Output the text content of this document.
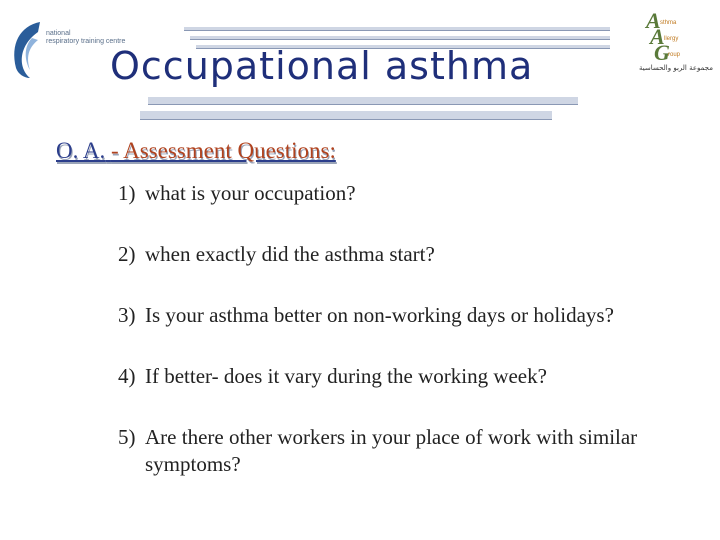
national
respiratory training centre
Occupational asthma
A sthma
A llergy
G
roup
مجموعة الربو والحساسية
O. A. - Assessment Questions:
1) what is your occupation?
2) when exactly did the asthma start?
3) Is your asthma better on non-working days or holidays?
4) If better- does it vary during the working week?
5) Are there other workers in your place of work with similar symptoms?
